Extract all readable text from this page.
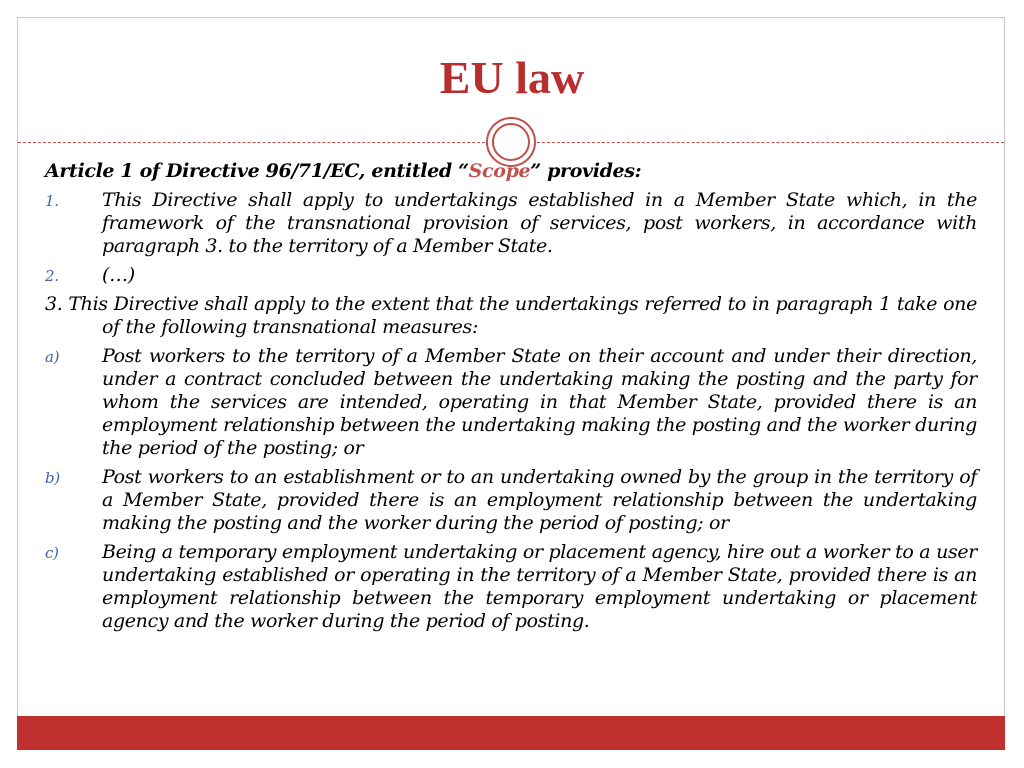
EU law
Article 1 of Directive 96/71/EC, entitled “Scope” provides:
1. This Directive shall apply to undertakings established in a Member State which, in the framework of the transnational provision of services, post workers, in accordance with paragraph 3. to the territory of a Member State.
2. (…)
3. This Directive shall apply to the extent that the undertakings referred to in paragraph 1 take one of the following transnational measures:
a) Post workers to the territory of a Member State on their account and under their direction, under a contract concluded between the undertaking making the posting and the party for whom the services are intended, operating in that Member State, provided there is an employment relationship between the undertaking making the posting and the worker during the period of the posting; or
b) Post workers to an establishment or to an undertaking owned by the group in the territory of a Member State, provided there is an employment relationship between the undertaking making the posting and the worker during the period of posting; or
c) Being a temporary employment undertaking or placement agency, hire out a worker to a user undertaking established or operating in the territory of a Member State, provided there is an employment relationship between the temporary employment undertaking or placement agency and the worker during the period of posting.
